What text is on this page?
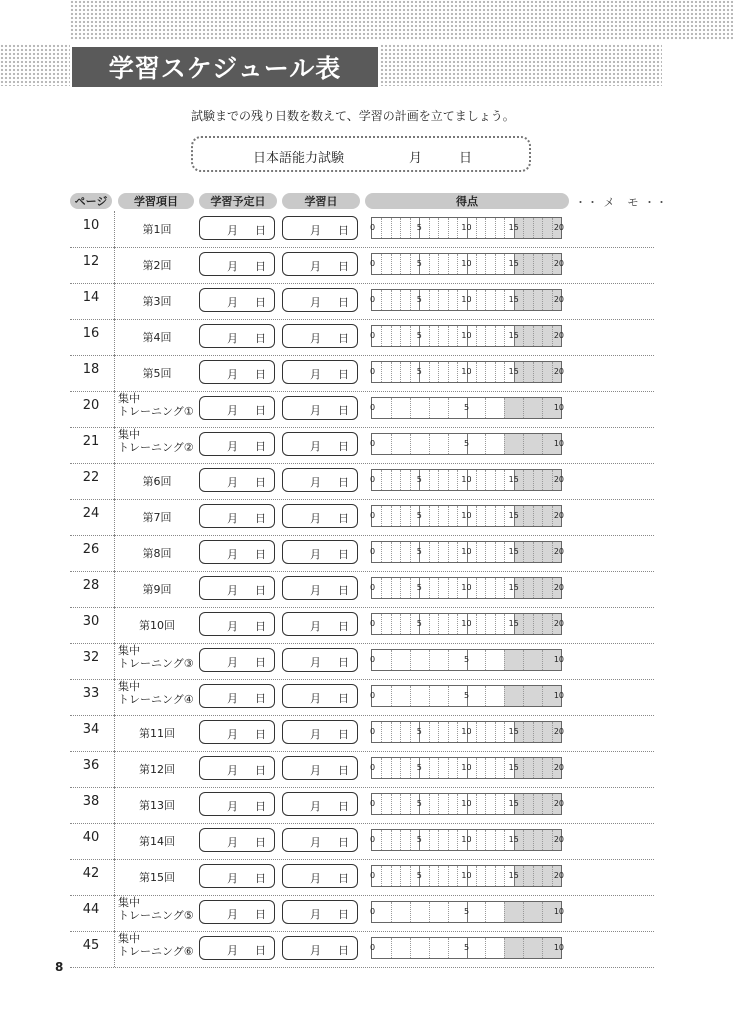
学習スケジュール表
試験までの残り日数を数えて、学習の計画を立てましょう。
日本語能力試験	月	日
ページ	学習項目	学習予定日	学習日	得点	・・ メ　モ ・・
10	第1回	月 日	月 日	0	5	10	15	20
12	第2回	月 日	月 日	0	5	10	15	20
14	第3回	月 日	月 日	0	5	10	15	20
16	第4回	月 日	月 日	0	5	10	15	20
18	第5回	月 日	月 日	0	5	10	15	20
20	集中
トレーニング①	月 日	月 日	0	5	10
21	集中
トレーニング②	月 日	月 日	0	5	10
22	第6回	月 日	月 日	0	5	10	15	20
24	第7回	月 日	月 日	0	5	10	15	20
26	第8回	月 日	月 日	0	5	10	15	20
28	第9回	月 日	月 日	0	5	10	15	20
30	第10回	月 日	月 日	0	5	10	15	20
32	集中
トレーニング③	月 日	月 日	0	5	10
33	集中
トレーニング④	月 日	月 日	0	5	10
34	第11回	月 日	月 日	0	5	10	15	20
36	第12回	月 日	月 日	0	5	10	15	20
38	第13回	月 日	月 日	0	5	10	15	20
40	第14回	月 日	月 日	0	5	10	15	20
42	第15回	月 日	月 日	0	5	10	15	20
44	集中
トレーニング⑤	月 日	月 日	0	5	10
45	集中
トレーニング⑥	月 日	月 日	0	5	10
8
